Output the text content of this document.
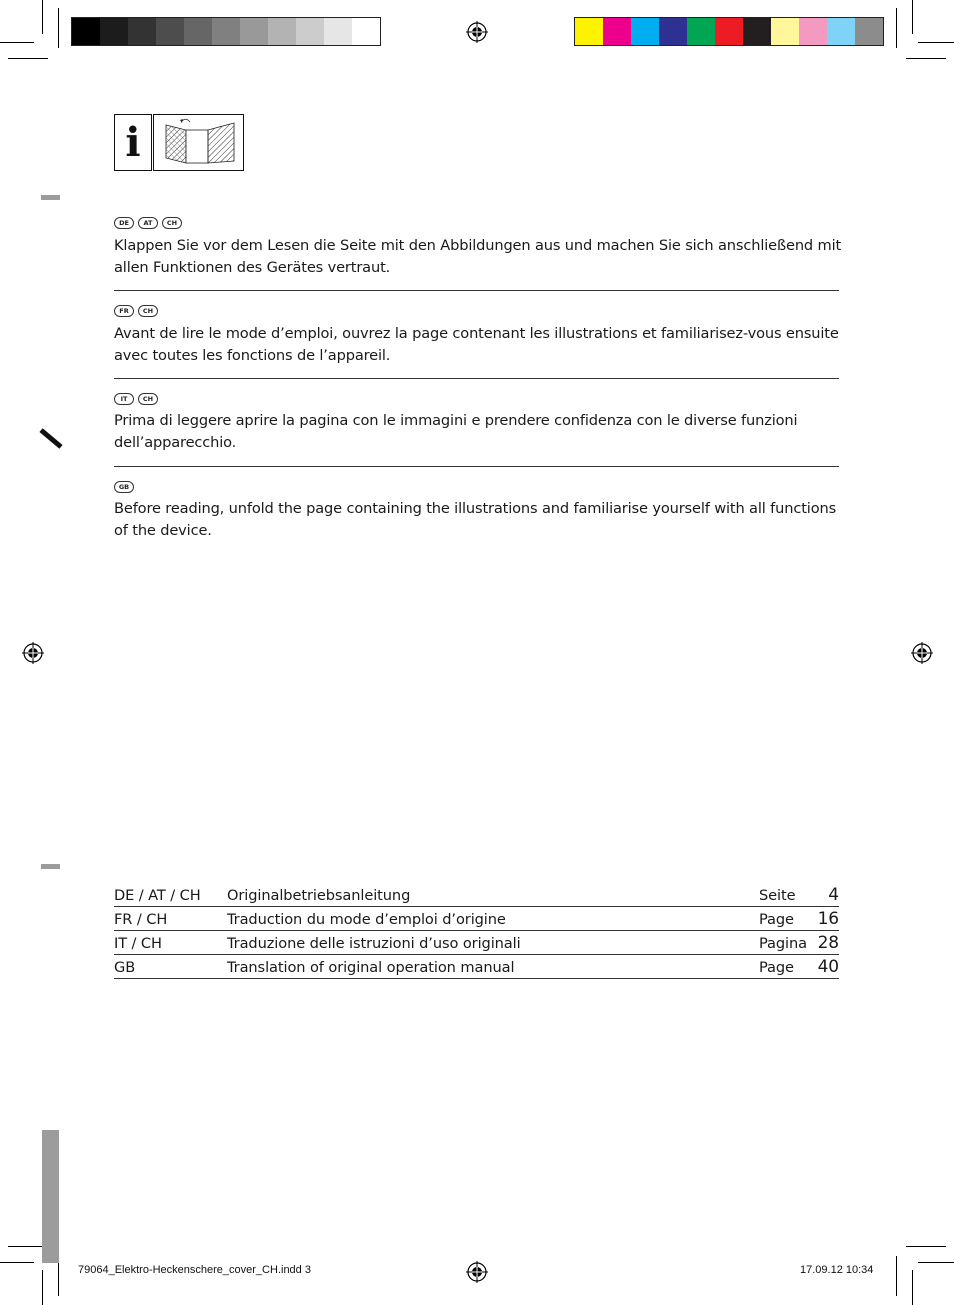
i
DE	AT	CH
Klappen Sie vor dem Lesen die Seite mit den Abbildungen aus und machen Sie sich anschließend mit allen Funktionen des Gerätes vertraut.
FR	CH
Avant de lire le mode d’emploi, ouvrez la page contenant les illustrations et familiarisez-vous ensuite avec toutes les fonctions de l’appareil.
IT	CH
Prima di leggere aprire la pagina con le immagini e prendere confidenza con le diverse funzioni dell’apparecchio.
GB
Before reading, unfold the page containing the illustrations and familiarise yourself with all functions of the device.
DE / AT / CH	Originalbetriebsanleitung	Seite	4
FR / CH	Traduction du mode d’emploi d’origine	Page	16
IT / CH	Traduzione delle istruzioni d’uso originali	Pagina 28
GB	Translation of original operation manual	Page	40
79064_Elektro-Heckenschere_cover_CH.indd 3	17.09.12 10:34
